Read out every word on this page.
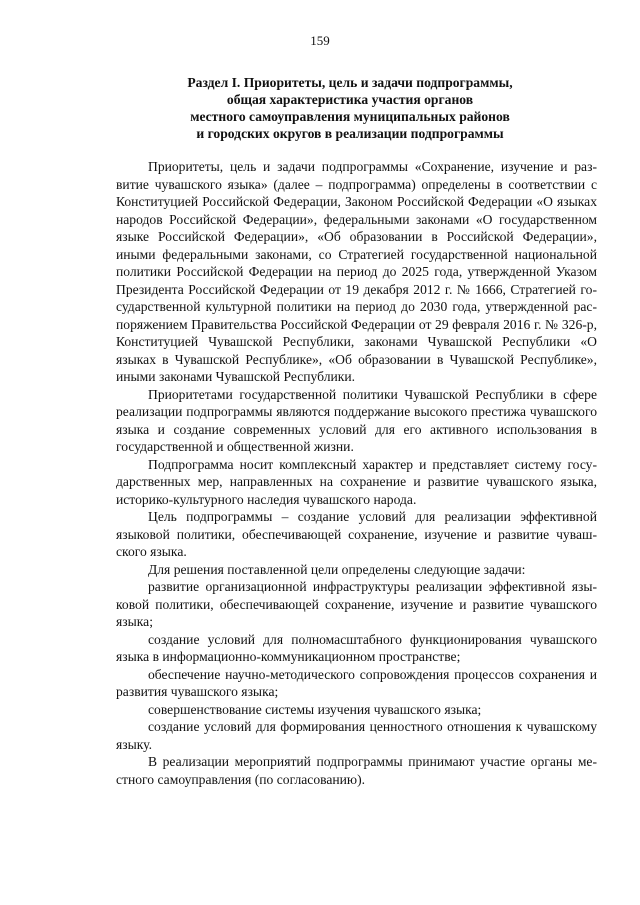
159
Раздел I. Приоритеты, цель и задачи подпрограммы,
общая характеристика участия органов
местного самоуправления муниципальных районов
и городских округов в реализации подпрограммы

Приоритеты, цель и задачи подпрограммы «Сохранение, изучение и развитие чувашского языка» (далее – подпрограмма) определены в соответствии с Конституцией Российской Федерации, Законом Российской Федерации «О языках народов Российской Федерации», федеральными законами «О государственном языке Российской Федерации», «Об образовании в Российской Федерации», иными федеральными законами, со Стратегией государственной национальной политики Российской Федерации на период до 2025 года, утвержденной Указом Президента Российской Федерации от 19 декабря 2012 г. № 1666, Стратегией государственной культурной политики на период до 2030 года, утвержденной распоряжением Правительства Российской Федерации от 29 февраля 2016 г. № 326-р, Конституцией Чувашской Республики, законами Чувашской Республики «О языках в Чувашской Республике», «Об образовании в Чувашской Республике», иными законами Чувашской Республики.

Приоритетами государственной политики Чувашской Республики в сфере реализации подпрограммы являются поддержание высокого престижа чувашского языка и создание современных условий для его активного использования в государственной и общественной жизни.

Подпрограмма носит комплексный характер и представляет систему государственных мер, направленных на сохранение и развитие чувашского языка, историко-культурного наследия чувашского народа.

Цель подпрограммы – создание условий для реализации эффективной языковой политики, обеспечивающей сохранение, изучение и развитие чувашского языка.

Для решения поставленной цели определены следующие задачи:

развитие организационной инфраструктуры реализации эффективной языковой политики, обеспечивающей сохранение, изучение и развитие чувашского языка;

создание условий для полномасштабного функционирования чувашского языка в информационно-коммуникационном пространстве;

обеспечение научно-методического сопровождения процессов сохранения и развития чувашского языка;

совершенствование системы изучения чувашского языка;

создание условий для формирования ценностного отношения к чувашскому языку.

В реализации мероприятий подпрограммы принимают участие органы местного самоуправления (по согласованию).
